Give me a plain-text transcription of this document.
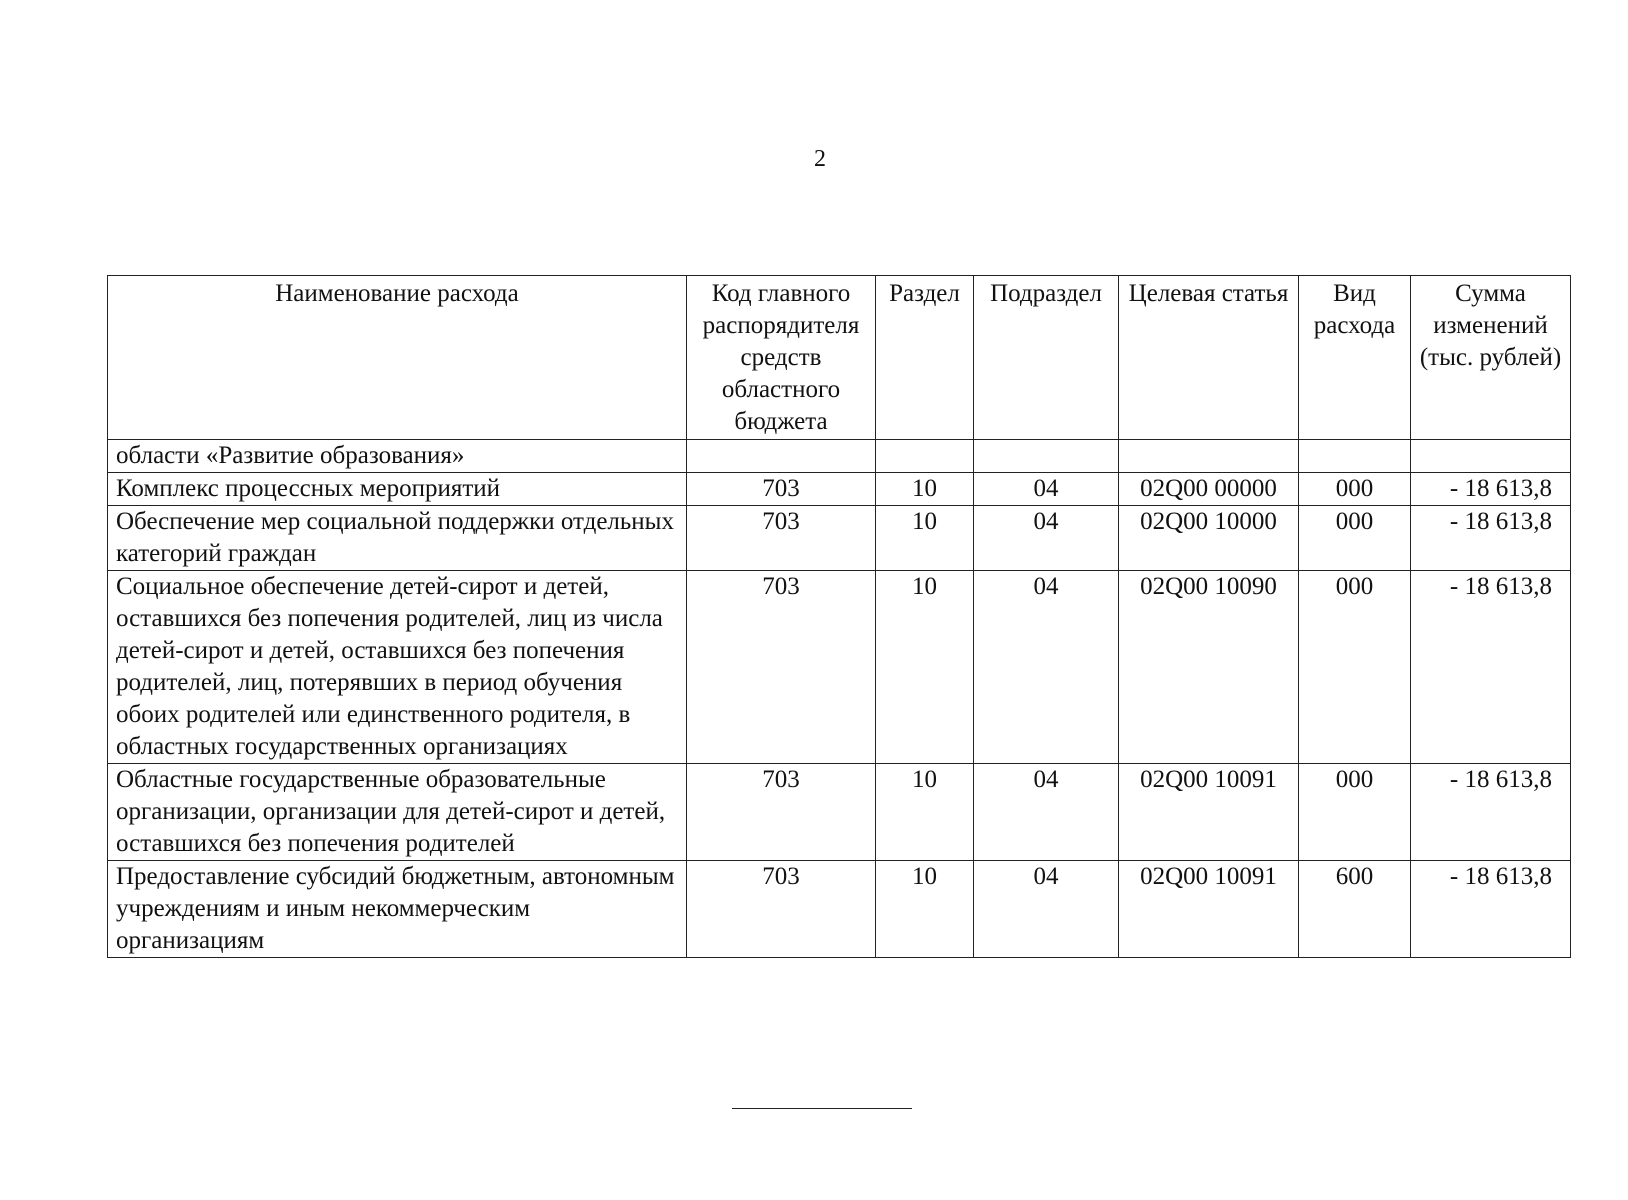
2
Наименование расхода	Код главного распорядителя средств областного бюджета	Раздел	Подраздел	Целевая статья	Вид расхода	Сумма изменений (тыс. рублей)
области «Развитие образования»						
Комплекс процессных мероприятий	703	10	04	02Q00 00000	000	- 18 613,8
Обеспечение мер социальной поддержки отдельных категорий граждан	703	10	04	02Q00 10000	000	- 18 613,8
Социальное обеспечение детей-сирот и детей, оставшихся без попечения родителей, лиц из числа детей-сирот и детей, оставшихся без попечения родителей, лиц, потерявших в период обучения обоих родителей или единственного родителя, в областных государственных организациях	703	10	04	02Q00 10090	000	- 18 613,8
Областные государственные образовательные организации, организации для детей-сирот и детей, оставшихся без попечения родителей	703	10	04	02Q00 10091	000	- 18 613,8
Предоставление субсидий бюджетным, автономным учреждениям и иным некоммерческим организациям	703	10	04	02Q00 10091	600	- 18 613,8
